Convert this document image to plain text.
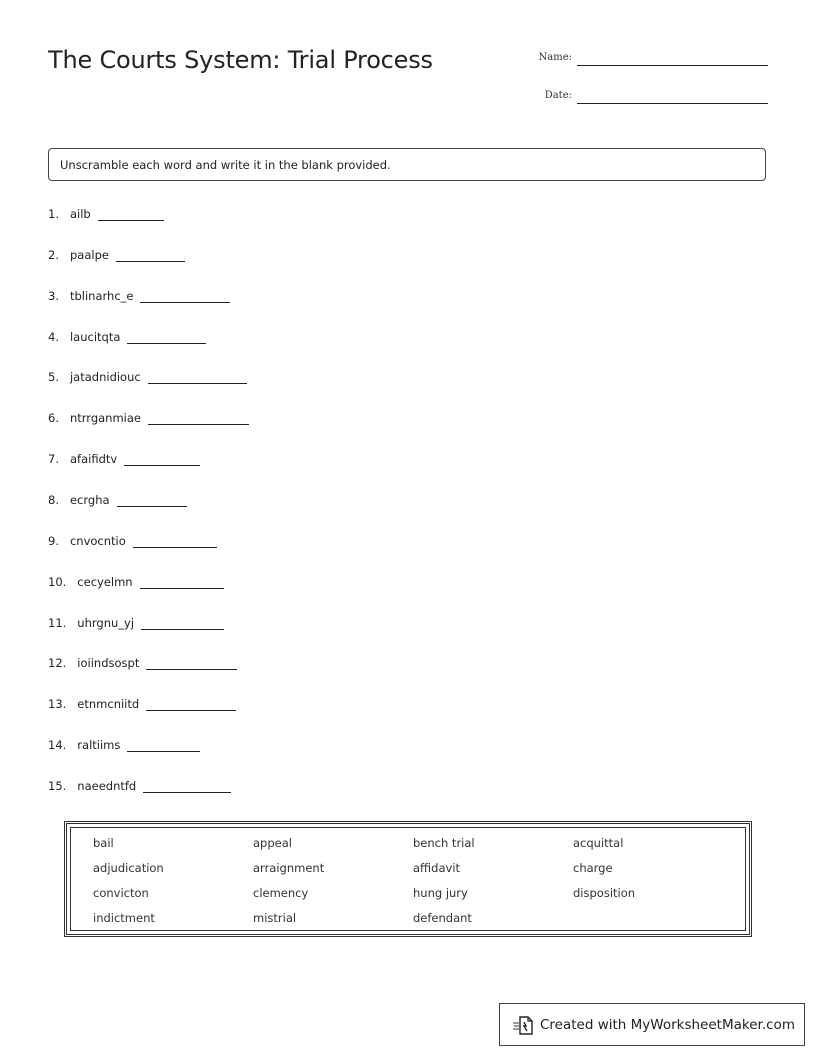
The Courts System: Trial Process	Name:
Date:
Unscramble each word and write it in the blank provided.
1. ailb
2. paalpe
3. tblinarhc_e
4. laucitqta
5. jatadnidiouc
6. ntrrganmiae
7. afaifidtv
8. ecrgha
9. cnvocntio
10. cecyelmn
11. uhrgnu_yj
12. ioiindsospt
13. etnmcniitd
14. raltiims
15. naeedntfd
bail	appeal	bench trial	acquittal
adjudication	arraignment	affidavit	charge
convicton	clemency	hung jury	disposition
indictment	mistrial	defendant
Created with MyWorksheetMaker.com
